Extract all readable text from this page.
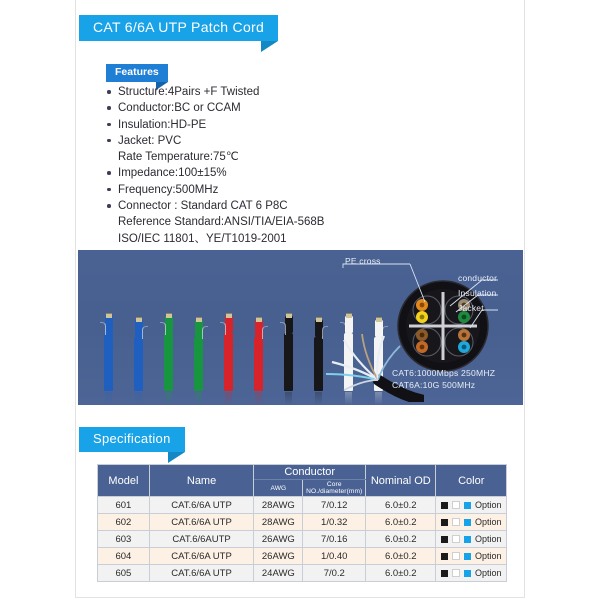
CAT 6/6A UTP Patch Cord
Features
Structure:4Pairs +F Twisted
Conductor:BC or CCAM
Insulation:HD-PE
Jacket: PVC
Rate Temperature:75℃
Impedance:100±15%
Frequency:500MHz
Connector : Standard CAT 6 P8C
Reference Standard:ANSI/TIA/EIA-568B
ISO/IEC 11801、YE/T1019-2001
PE cross
conductor
Insulation
Jacket
CAT6:1000Mbps 250MHZ
CAT6A:10G 500MHz
Specification
Model	Name	Conductor		Nominal OD	Color
		AWG	Core NO./diameter(mm)		
601	CAT.6/6A UTP	28AWG	7/0.12	6.0±0.2	Option

602	CAT.6/6A UTP	28AWG	1/0.32	6.0±0.2	Option

603	CAT.6/6AUTP	26AWG	7/0.16	6.0±0.2	Option

604	CAT.6/6A UTP	26AWG	1/0.40	6.0±0.2	Option

605	CAT.6/6A UTP	24AWG	7/0.2	6.0±0.2	Option
